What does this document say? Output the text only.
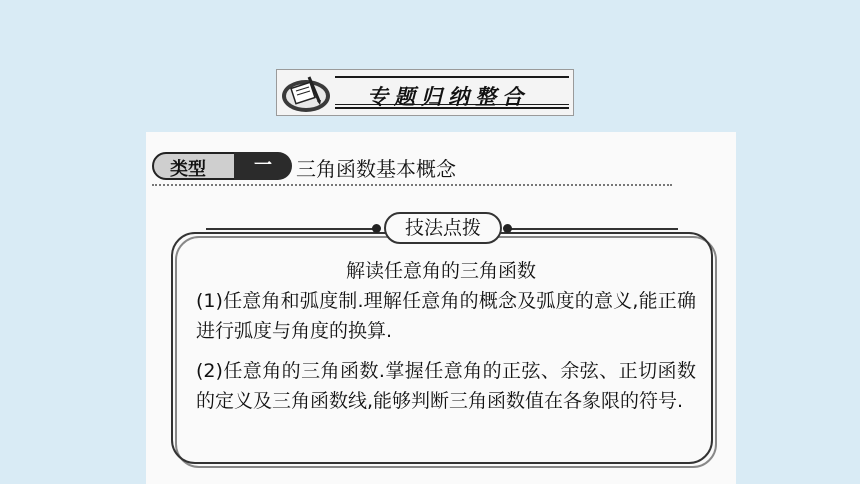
专题归纳整合
类型	一	三角函数基本概念
技法点拨
解读任意角的三角函数
(1)任意角和弧度制.理解任意角的概念及弧度的意义,能正确进行弧度与角度的换算.
(2)任意角的三角函数.掌握任意角的正弦、余弦、正切函数的定义及三角函数线,能够判断三角函数值在各象限的符号.
